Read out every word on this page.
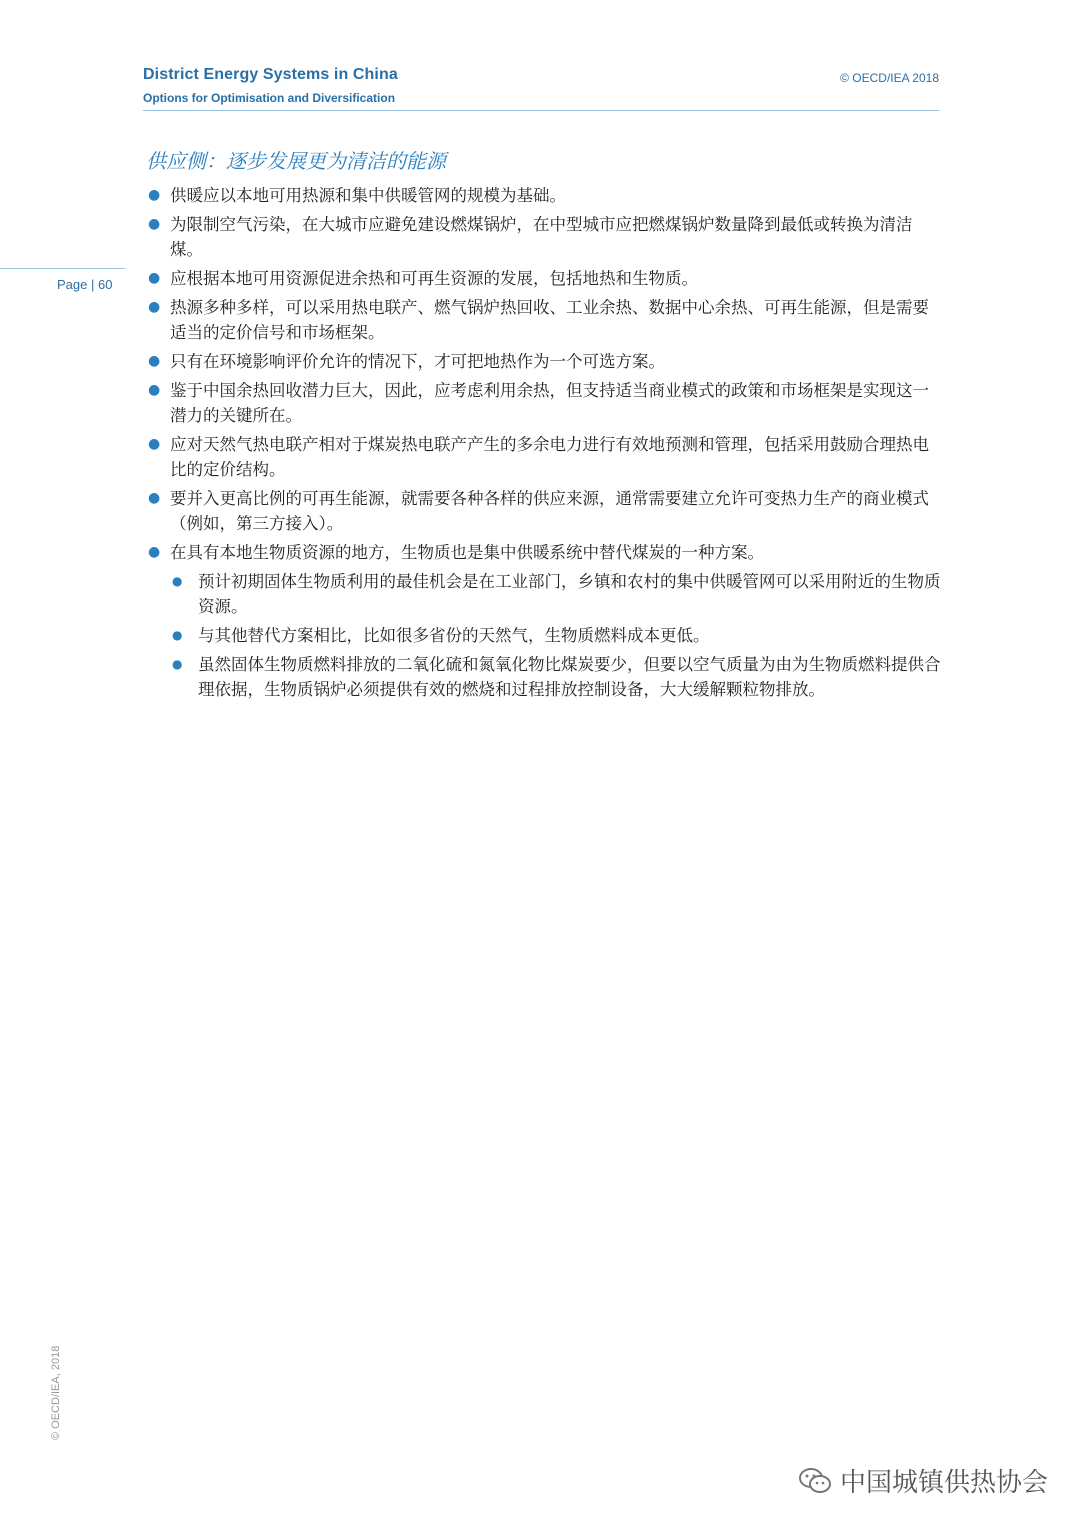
District Energy Systems in China
Options for Optimisation and Diversification
© OECD/IEA 2018
Page | 60
供应侧：逐步发展更为清洁的能源
● 供暖应以本地可用热源和集中供暖管网的规模为基础。
● 为限制空气污染，在大城市应避免建设燃煤锅炉，在中型城市应把燃煤锅炉数量降到最低或转换为清洁煤。
● 应根据本地可用资源促进余热和可再生资源的发展，包括地热和生物质。
● 热源多种多样，可以采用热电联产、燃气锅炉热回收、工业余热、数据中心余热、可再生能源，但是需要适当的定价信号和市场框架。
● 只有在环境影响评价允许的情况下，才可把地热作为一个可选方案。
● 鉴于中国余热回收潜力巨大，因此，应考虑利用余热，但支持适当商业模式的政策和市场框架是实现这一潜力的关键所在。
● 应对天然气热电联产相对于煤炭热电联产产生的多余电力进行有效地预测和管理，包括采用鼓励合理热电比的定价结构。
● 要并入更高比例的可再生能源，就需要各种各样的供应来源，通常需要建立允许可变热力生产的商业模式（例如，第三方接入）。
● 在具有本地生物质资源的地方，生物质也是集中供暖系统中替代煤炭的一种方案。
● 预计初期固体生物质利用的最佳机会是在工业部门，乡镇和农村的集中供暖管网可以采用附近的生物质资源。
● 与其他替代方案相比，比如很多省份的天然气，生物质燃料成本更低。
● 虽然固体生物质燃料排放的二氧化硫和氮氧化物比煤炭要少，但要以空气质量为由为生物质燃料提供合理依据，生物质锅炉必须提供有效的燃烧和过程排放控制设备，大大缓解颗粒物排放。
© OECD/IEA, 2018
中国城镇供热协会
